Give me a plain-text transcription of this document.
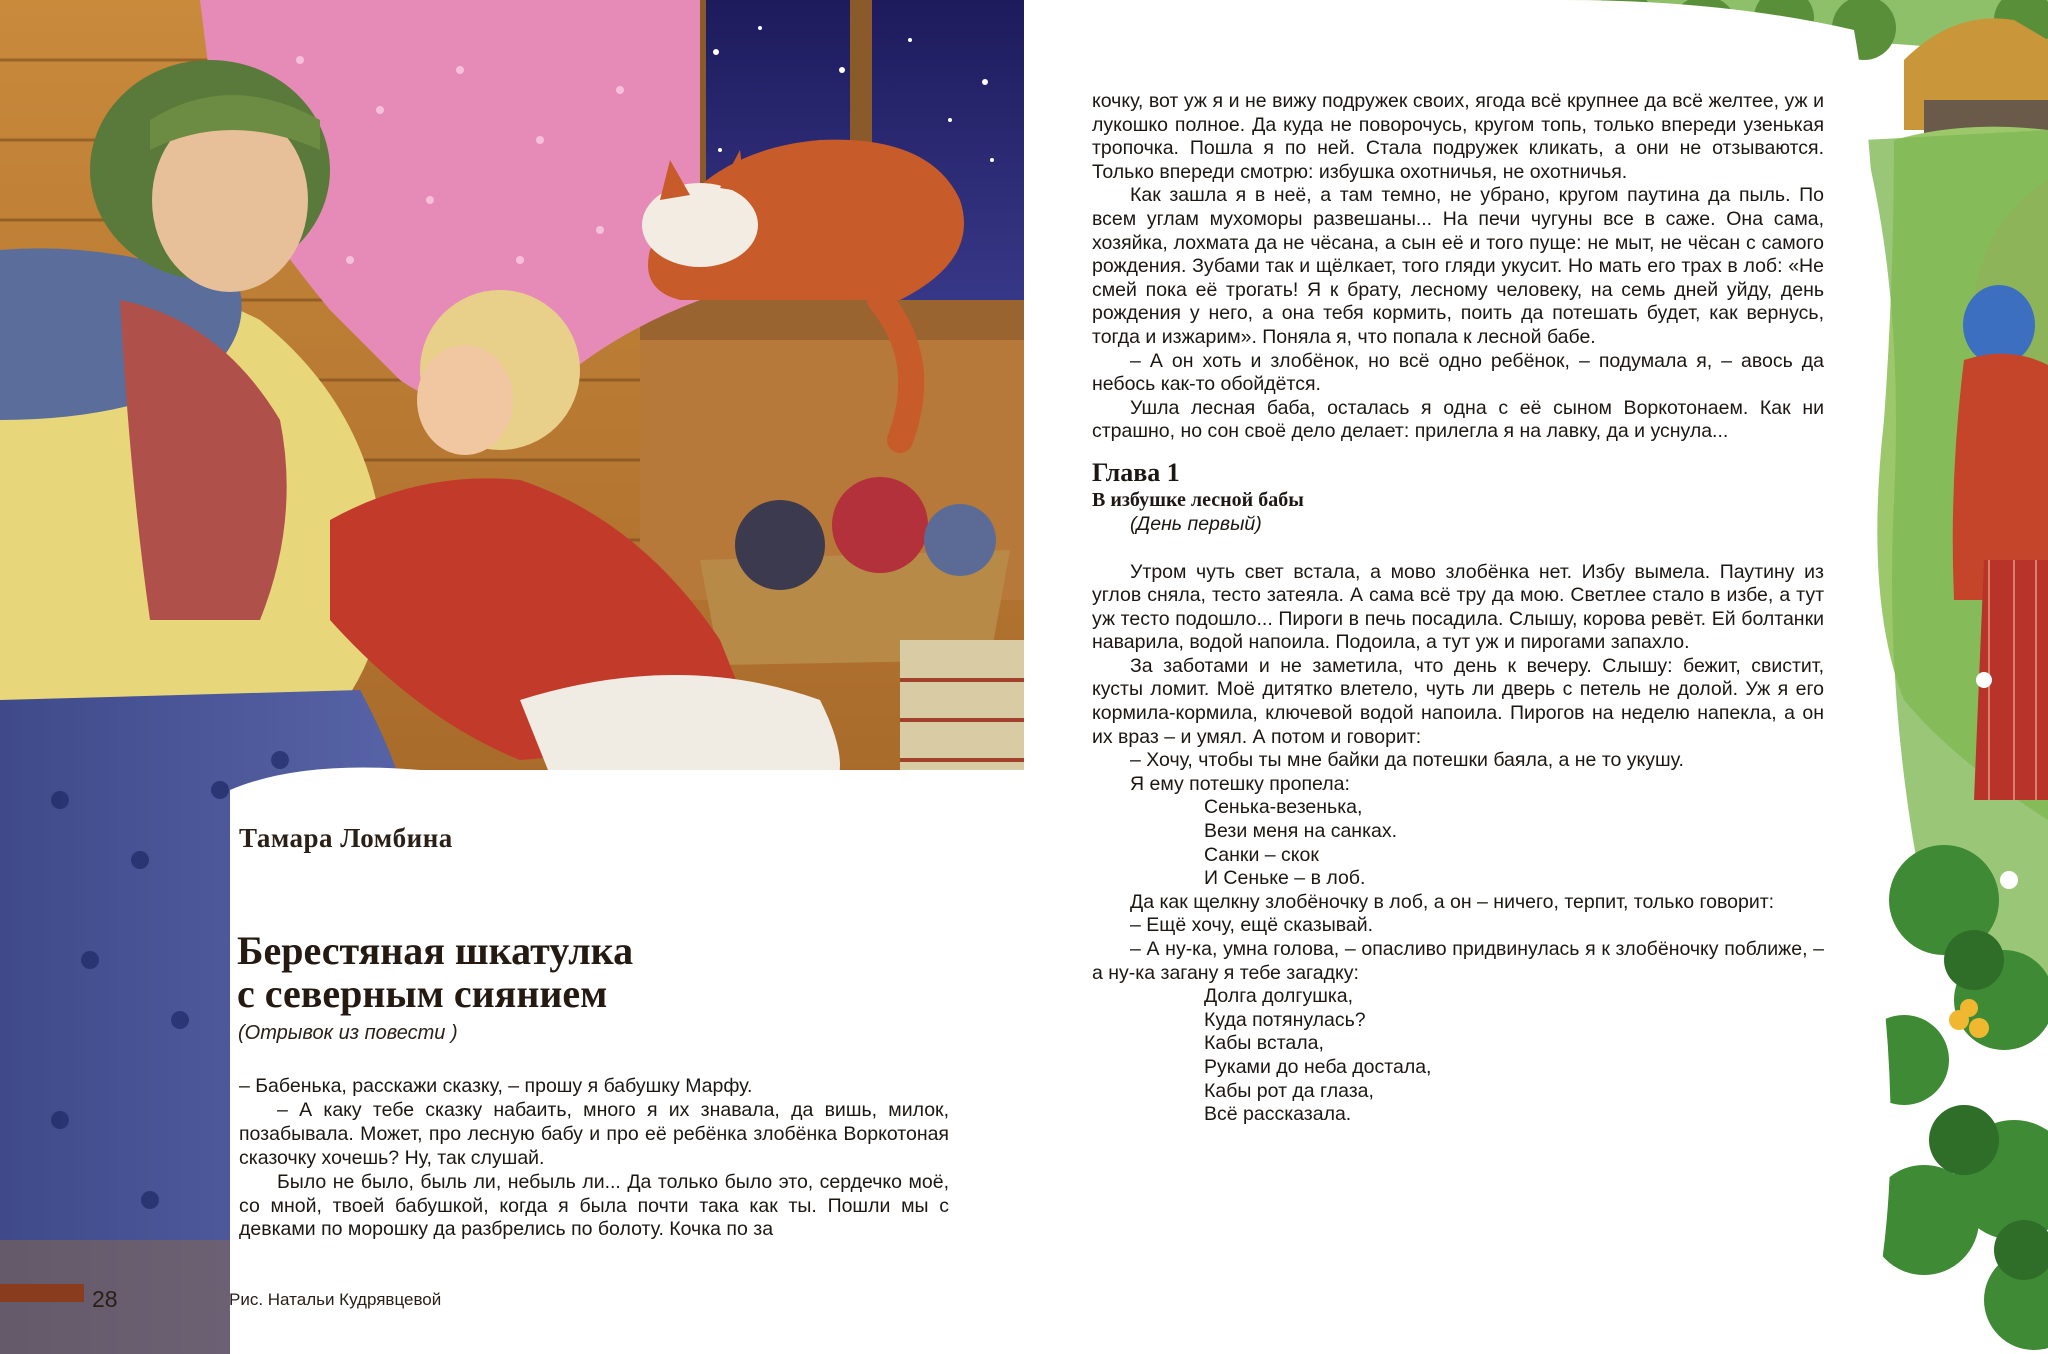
Тамара Ломбина
Берестяная шкатулка
с северным сиянием
(Отрывок из повести )

– Бабенька, расскажи сказку, – прошу я бабушку Марфу.

– А каку тебе сказку набаить, много я их знавала, да вишь, милок, позабывала. Может, про лесную бабу и про её ребёнка злобёнка Воркотоная сказочку хочешь? Ну, так слушай.

Было не было, быль ли, небыль ли... Да только было это, сердечко моё, со мной, твоей бабушкой, когда я была почти така как ты. Пошли мы с девками по морошку да разбрелись по болоту. Кочка по за

28	Рис. Натальи Кудрявцевой

кочку, вот уж я и не вижу подружек своих, ягода всё крупнее да всё желтее, уж и лукошко полное. Да куда не поворочусь, кругом топь, только впереди узенькая тропочка. Пошла я по ней. Стала подружек кликать, а они не отзываются. Только впереди смотрю: избушка охотничья, не охотничья.

Как зашла я в неё, а там темно, не убрано, кругом паутина да пыль. По всем углам мухоморы развешаны... На печи чугуны все в саже. Она сама, хозяйка, лохмата да не чёсана, а сын её и того пуще: не мыт, не чёсан с самого рождения. Зубами так и щёлкает, того гляди укусит. Но мать его трах в лоб: «Не смей пока её трогать! Я к брату, лесному человеку, на семь дней уйду, день рождения у него, а она тебя кормить, поить да потешать будет, как вернусь, тогда и изжарим». Поняла я, что попала к лесной бабе.

– А он хоть и злобёнок, но всё одно ребёнок, – подумала я, – авось да небось как-то обойдётся.

Ушла лесная баба, осталась я одна с её сыном Воркотонаем. Как ни страшно, но сон своё дело делает: прилегла я на лавку, да и уснула...

Глава 1

В избушке лесной бабы

(День первый)

Утром чуть свет встала, а мово злобёнка нет. Избу вымела. Паутину из углов сняла, тесто затеяла. А сама всё тру да мою. Светлее стало в избе, а тут уж тесто подошло... Пироги в печь посадила. Слышу, корова ревёт. Ей болтанки наварила, водой напоила. Подоила, а тут уж и пирогами запахло.

За заботами и не заметила, что день к вечеру. Слышу: бежит, свистит, кусты ломит. Моё дитятко влетело, чуть ли дверь с петель не долой. Уж я его кормила-кормила, ключевой водой напоила. Пирогов на неделю напекла, а он их враз – и умял. А потом и говорит:

– Хочу, чтобы ты мне байки да потешки баяла, а не то укушу.

Я ему потешку пропела:

Сенька-везенька,

Вези меня на санках.

Санки – скок

И Сеньке – в лоб.

Да как щелкну злобёночку в лоб, а он – ничего, терпит, только говорит:

– Ещё хочу, ещё сказывай.

– А ну-ка, умна голова, – опасливо придвинулась я к злобёночку поближе, – а ну-ка загану я тебе загадку:

Долга долгушка,

Куда потянулась?

Кабы встала,

Руками до неба достала,

Кабы рот да глаза,

Всё рассказала.
